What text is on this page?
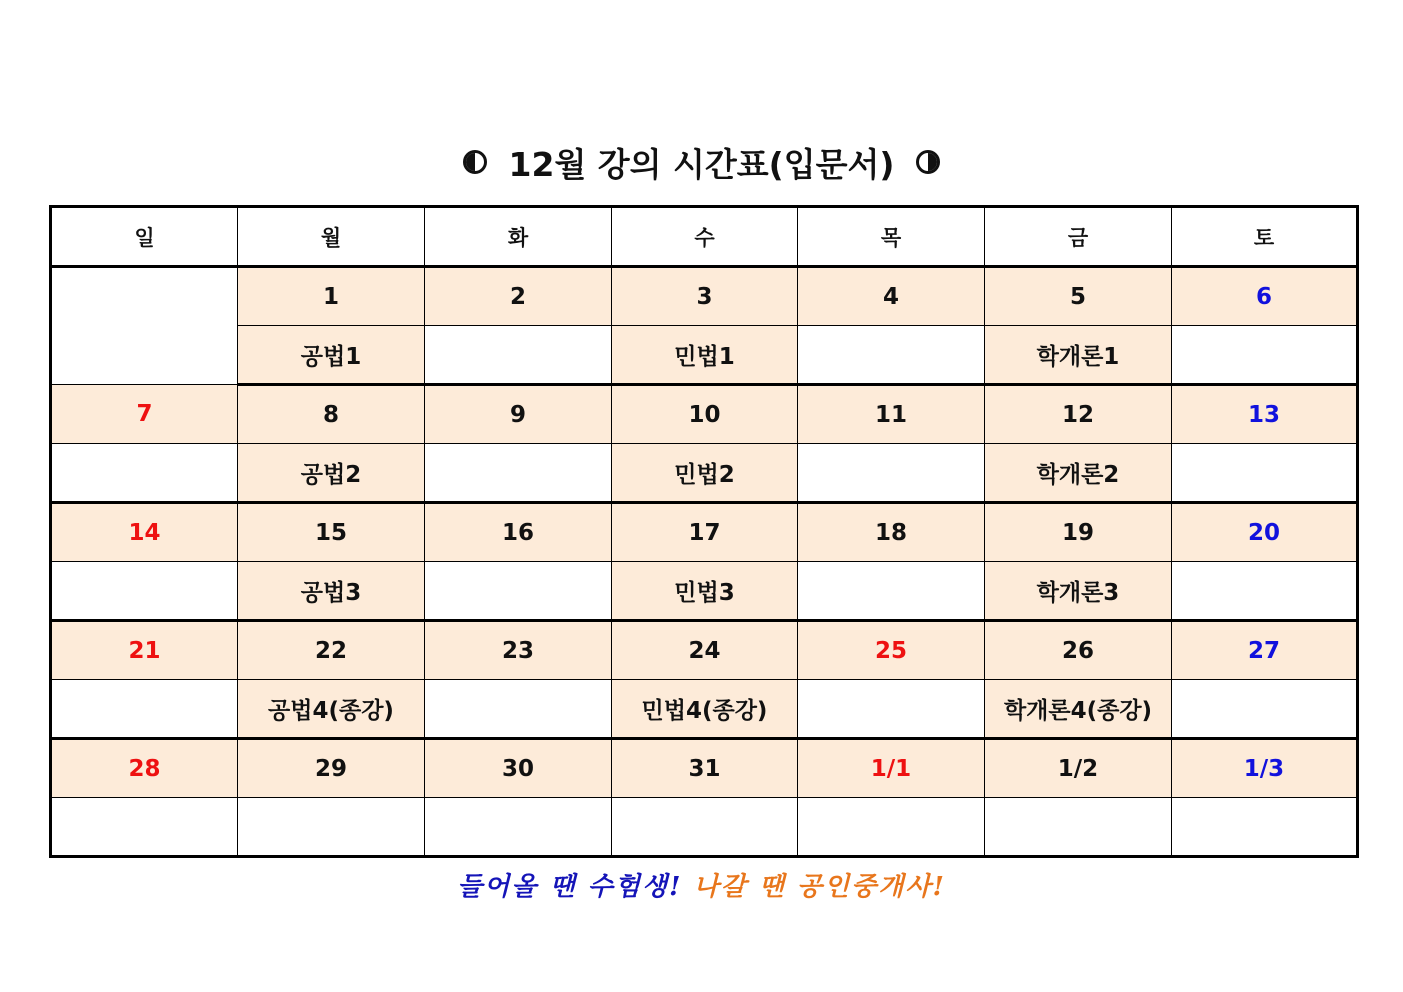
12월 강의 시간표(입문서)
일	월	화	수	목	금	토
	1	2	3	4	5	6
	공법1		민법1		학개론1	
7	8	9	10	11	12	13
	공법2		민법2		학개론2	
14	15	16	17	18	19	20
	공법3		민법3		학개론3	
21	22	23	24	25	26	27
	공법4(종강)		민법4(종강)		학개론4(종강)	
28	29	30	31	1/1	1/2	1/3

들어올 땐 수험생! 나갈 땐 공인중개사!
